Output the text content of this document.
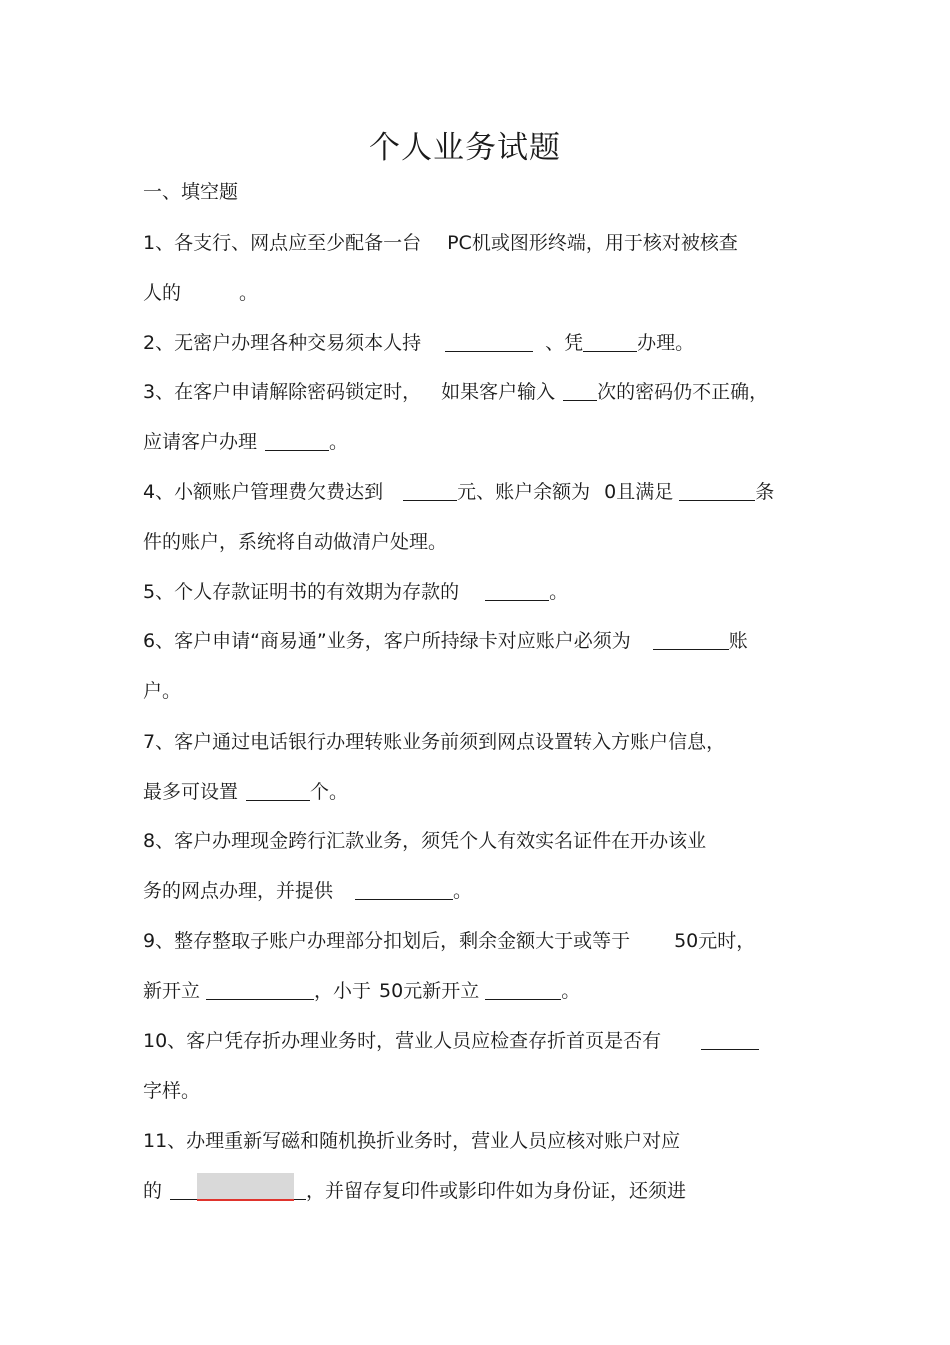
个人业务试题
一、填空题
1、各支行、网点应至少配备一台 PC机或图形终端，用于核对被核查
人的	。
2、无密户办理各种交易须本人持	、凭	办理。
3、在客户申请解除密码锁定时， 如果客户输入 次的密码仍不正确，
应请客户办理	。
4、小额账户管理费欠费达到	元、账户余额为 0且满足	条
件的账户，系统将自动做清户处理。
5、个人存款证明书的有效期为存款的	。
6、客户申请“商易通”业务，客户所持绿卡对应账户必须为	账
户。
7、客户通过电话银行办理转账业务前须到网点设置转入方账户信息，
最多可设置	个。
8、客户办理现金跨行汇款业务，须凭个人有效实名证件在开办该业
务的网点办理，并提供	。
9、整存整取子账户办理部分扣划后，剩余金额大于或等于 50元时，
新开立	，小于 50元新开立	。
10、客户凭存折办理业务时，营业人员应检查存折首页是否有
字样。
11、办理重新写磁和随机换折业务时，营业人员应核对账户对应
的	，并留存复印件或影印件如为身份证，还须进
